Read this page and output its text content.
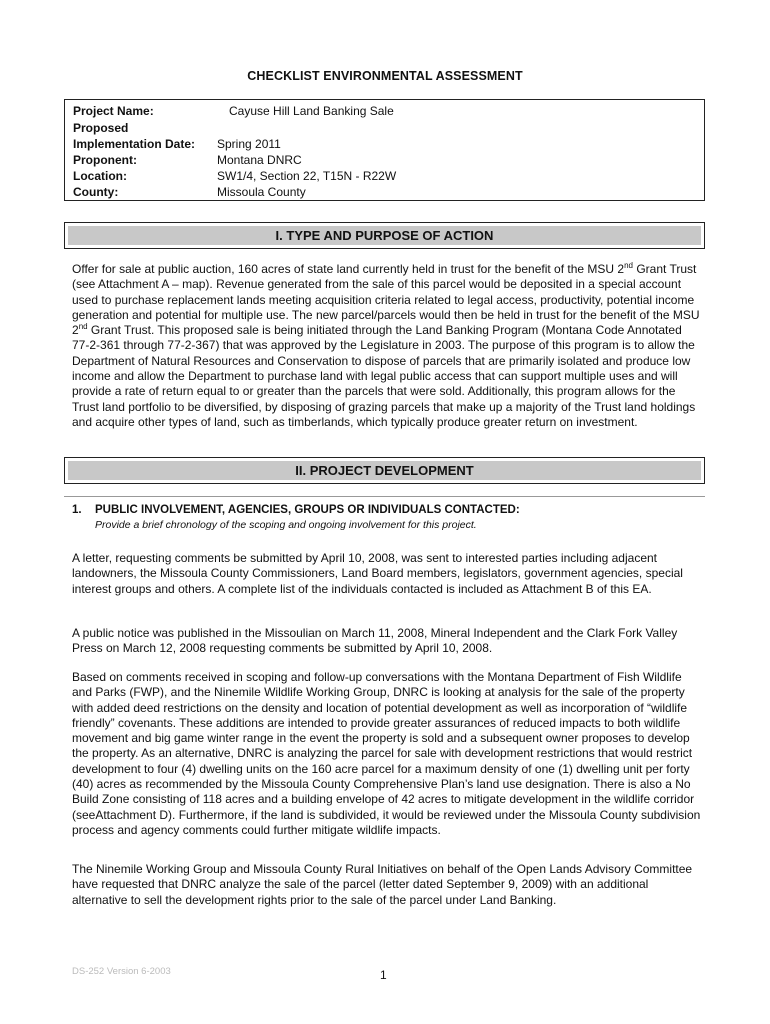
CHECKLIST ENVIRONMENTAL ASSESSMENT
Project Name:	Cayuse Hill Land Banking Sale
Proposed
Implementation Date: Spring 2011
Proponent:	Montana DNRC
Location:	SW1/4, Section 22, T15N - R22W
County:	Missoula County
I. TYPE AND PURPOSE OF ACTION

Offer for sale at public auction, 160 acres of state land currently held in trust for the benefit of the MSU 2nd Grant Trust (see Attachment A – map). Revenue generated from the sale of this parcel would be deposited in a special account used to purchase replacement lands meeting acquisition criteria related to legal access, productivity, potential income generation and potential for multiple use. The new parcel/parcels would then be held in trust for the benefit of the MSU 2nd Grant Trust. This proposed sale is being initiated through the Land Banking Program (Montana Code Annotated 77-2-361 through 77-2-367) that was approved by the Legislature in 2003. The purpose of this program is to allow the Department of Natural Resources and Conservation to dispose of parcels that are primarily isolated and produce low income and allow the Department to purchase land with legal public access that can support multiple uses and will provide a rate of return equal to or greater than the parcels that were sold. Additionally, this program allows for the Trust land portfolio to be diversified, by disposing of grazing parcels that make up a majority of the Trust land holdings and acquire other types of land, such as timberlands, which typically produce greater return on investment.

II. PROJECT DEVELOPMENT
1. PUBLIC INVOLVEMENT, AGENCIES, GROUPS OR INDIVIDUALS CONTACTED:
Provide a brief chronology of the scoping and ongoing involvement for this project.

A letter, requesting comments be submitted by April 10, 2008, was sent to interested parties including adjacent landowners, the Missoula County Commissioners, Land Board members, legislators, government agencies, special interest groups and others. A complete list of the individuals contacted is included as Attachment B of this EA.

A public notice was published in the Missoulian on March 11, 2008, Mineral Independent and the Clark Fork Valley Press on March 12, 2008 requesting comments be submitted by April 10, 2008.

Based on comments received in scoping and follow-up conversations with the Montana Department of Fish Wildlife and Parks (FWP), and the Ninemile Wildlife Working Group, DNRC is looking at analysis for the sale of the property with added deed restrictions on the density and location of potential development as well as incorporation of “wildlife friendly” covenants. These additions are intended to provide greater assurances of reduced impacts to both wildlife movement and big game winter range in the event the property is sold and a subsequent owner proposes to develop the property. As an alternative, DNRC is analyzing the parcel for sale with development restrictions that would restrict development to four (4) dwelling units on the 160 acre parcel for a maximum density of one (1) dwelling unit per forty (40) acres as recommended by the Missoula County Comprehensive Plan’s land use designation. There is also a No Build Zone consisting of 118 acres and a building envelope of 42 acres to mitigate development in the wildlife corridor (seeAttachment D). Furthermore, if the land is subdivided, it would be reviewed under the Missoula County subdivision process and agency comments could further mitigate wildlife impacts.

The Ninemile Working Group and Missoula County Rural Initiatives on behalf of the Open Lands Advisory Committee have requested that DNRC analyze the sale of the parcel (letter dated September 9, 2009) with an additional alternative to sell the development rights prior to the sale of the parcel under Land Banking.

DS-252 Version 6-2003	1
